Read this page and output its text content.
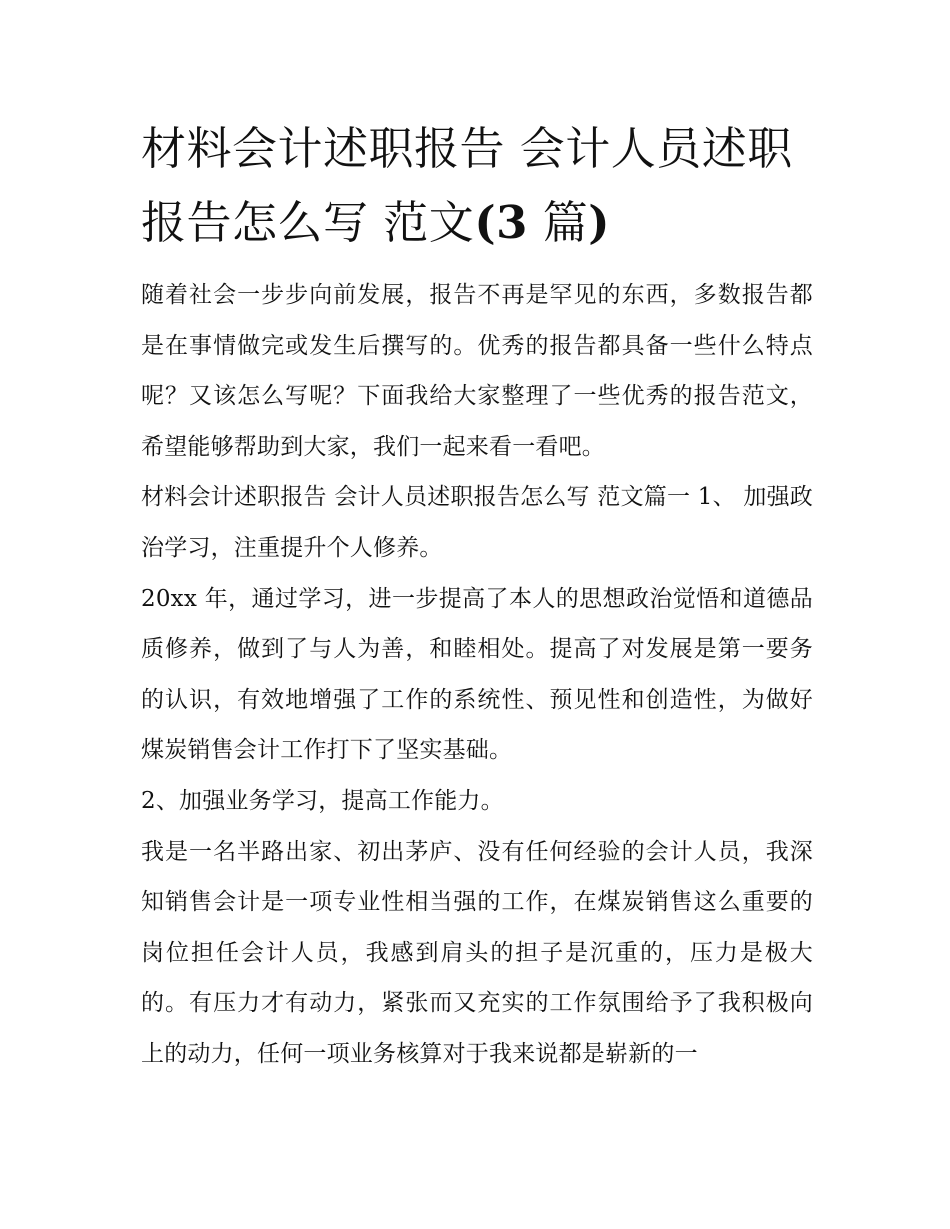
材料会计述职报告 会计人员述职报告怎么写 范文(3 篇)

随着社会一步步向前发展，报告不再是罕见的东西，多数报告都是在事情做完或发生后撰写的。优秀的报告都具备一些什么特点呢？又该怎么写呢？下面我给大家整理了一些优秀的报告范文，希望能够帮助到大家，我们一起来看一看吧。

材料会计述职报告 会计人员述职报告怎么写 范文篇一 1、 加强政治学习，注重提升个人修养。

20xx 年，通过学习，进一步提高了本人的思想政治觉悟和道德品质修养，做到了与人为善，和睦相处。提高了对发展是第一要务的认识，有效地增强了工作的系统性、预见性和创造性，为做好煤炭销售会计工作打下了坚实基础。

2、加强业务学习，提高工作能力。

我是一名半路出家、初出茅庐、没有任何经验的会计人员，我深知销售会计是一项专业性相当强的工作，在煤炭销售这么重要的岗位担任会计人员，我感到肩头的担子是沉重的，压力是极大的。有压力才有动力，紧张而又充实的工作氛围给予了我积极向上的动力，任何一项业务核算对于我来说都是崭新的一
